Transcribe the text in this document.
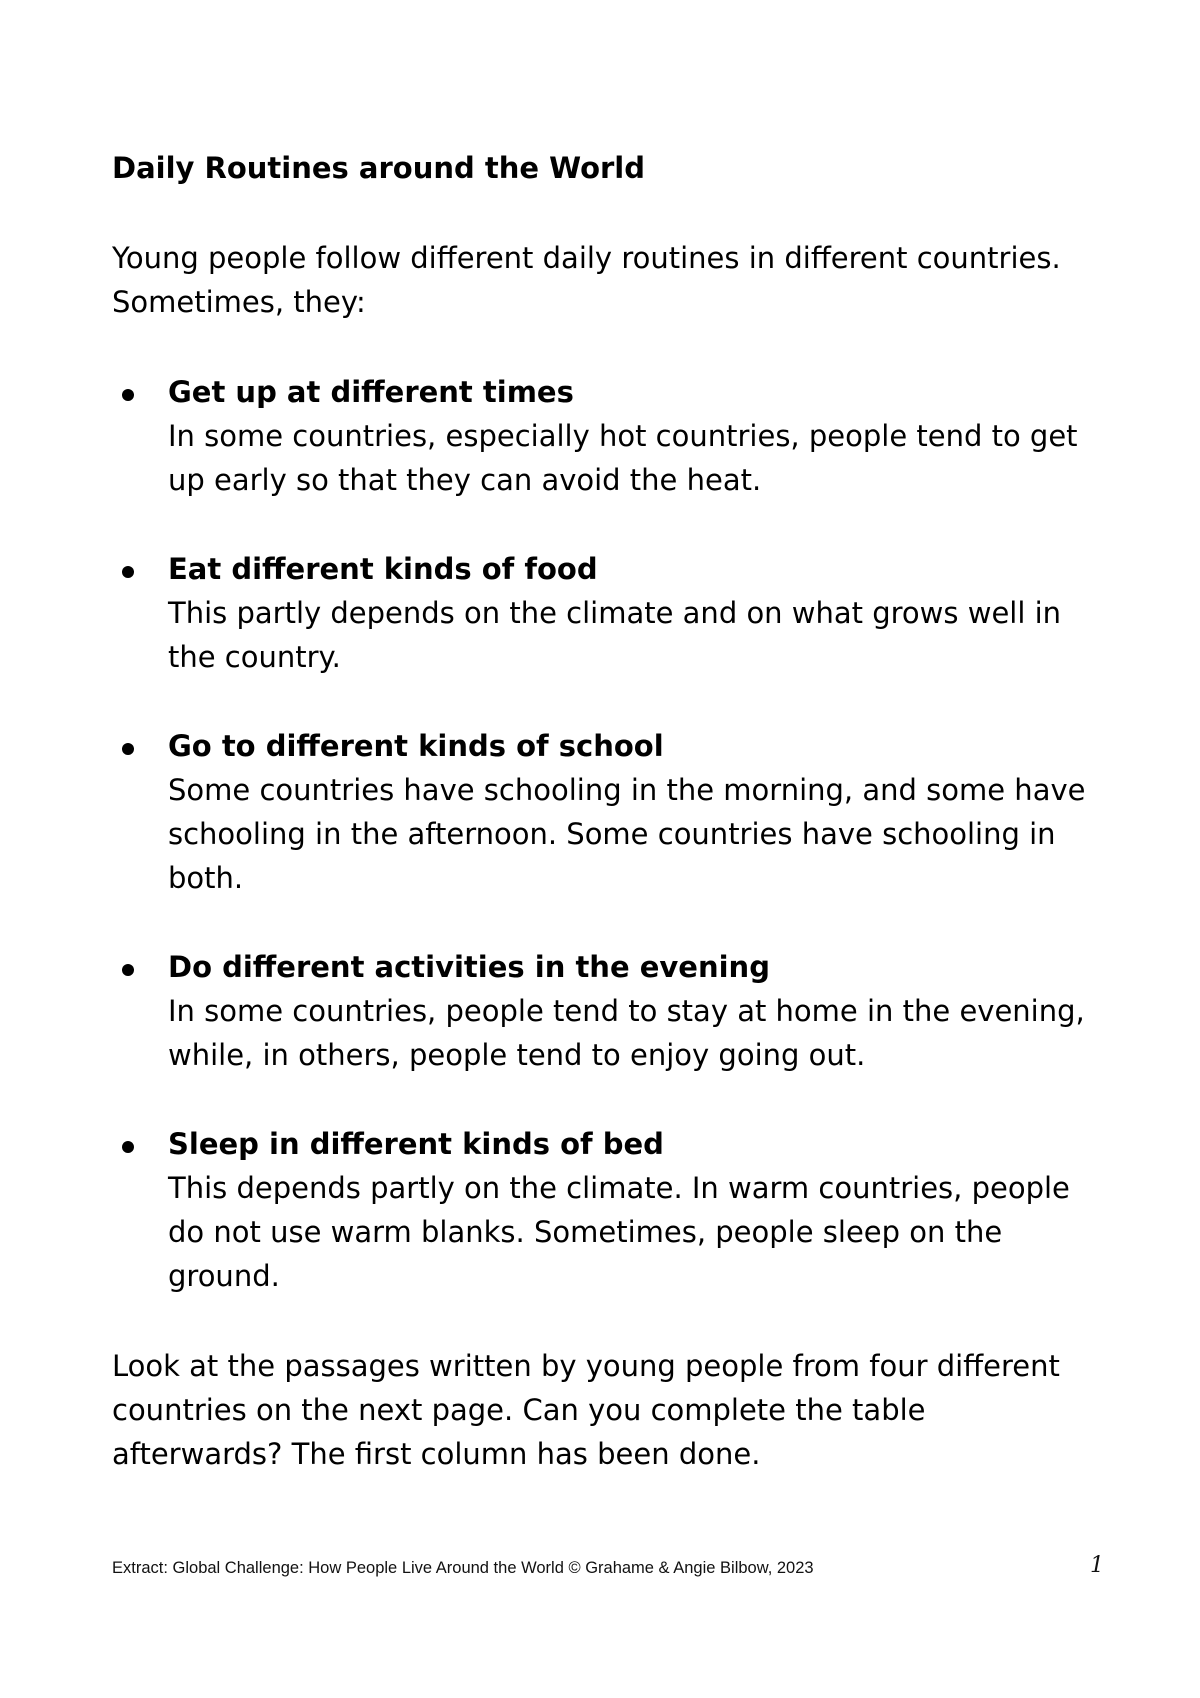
Daily Routines around the World

Young people follow different daily routines in different countries.
Sometimes, they:

Get up at different times
In some countries, especially hot countries, people tend to get
up early so that they can avoid the heat.
Eat different kinds of food
This partly depends on the climate and on what grows well in
the country.
Go to different kinds of school
Some countries have schooling in the morning, and some have
schooling in the afternoon. Some countries have schooling in
both.
Do different activities in the evening
In some countries, people tend to stay at home in the evening,
while, in others, people tend to enjoy going out.
Sleep in different kinds of bed
This depends partly on the climate. In warm countries, people
do not use warm blanks. Sometimes, people sleep on the
ground.

Look at the passages written by young people from four different
countries on the next page. Can you complete the table
afterwards? The first column has been done.

Extract: Global Challenge: How People Live Around the World © Grahame & Angie Bilbow, 2023	1
